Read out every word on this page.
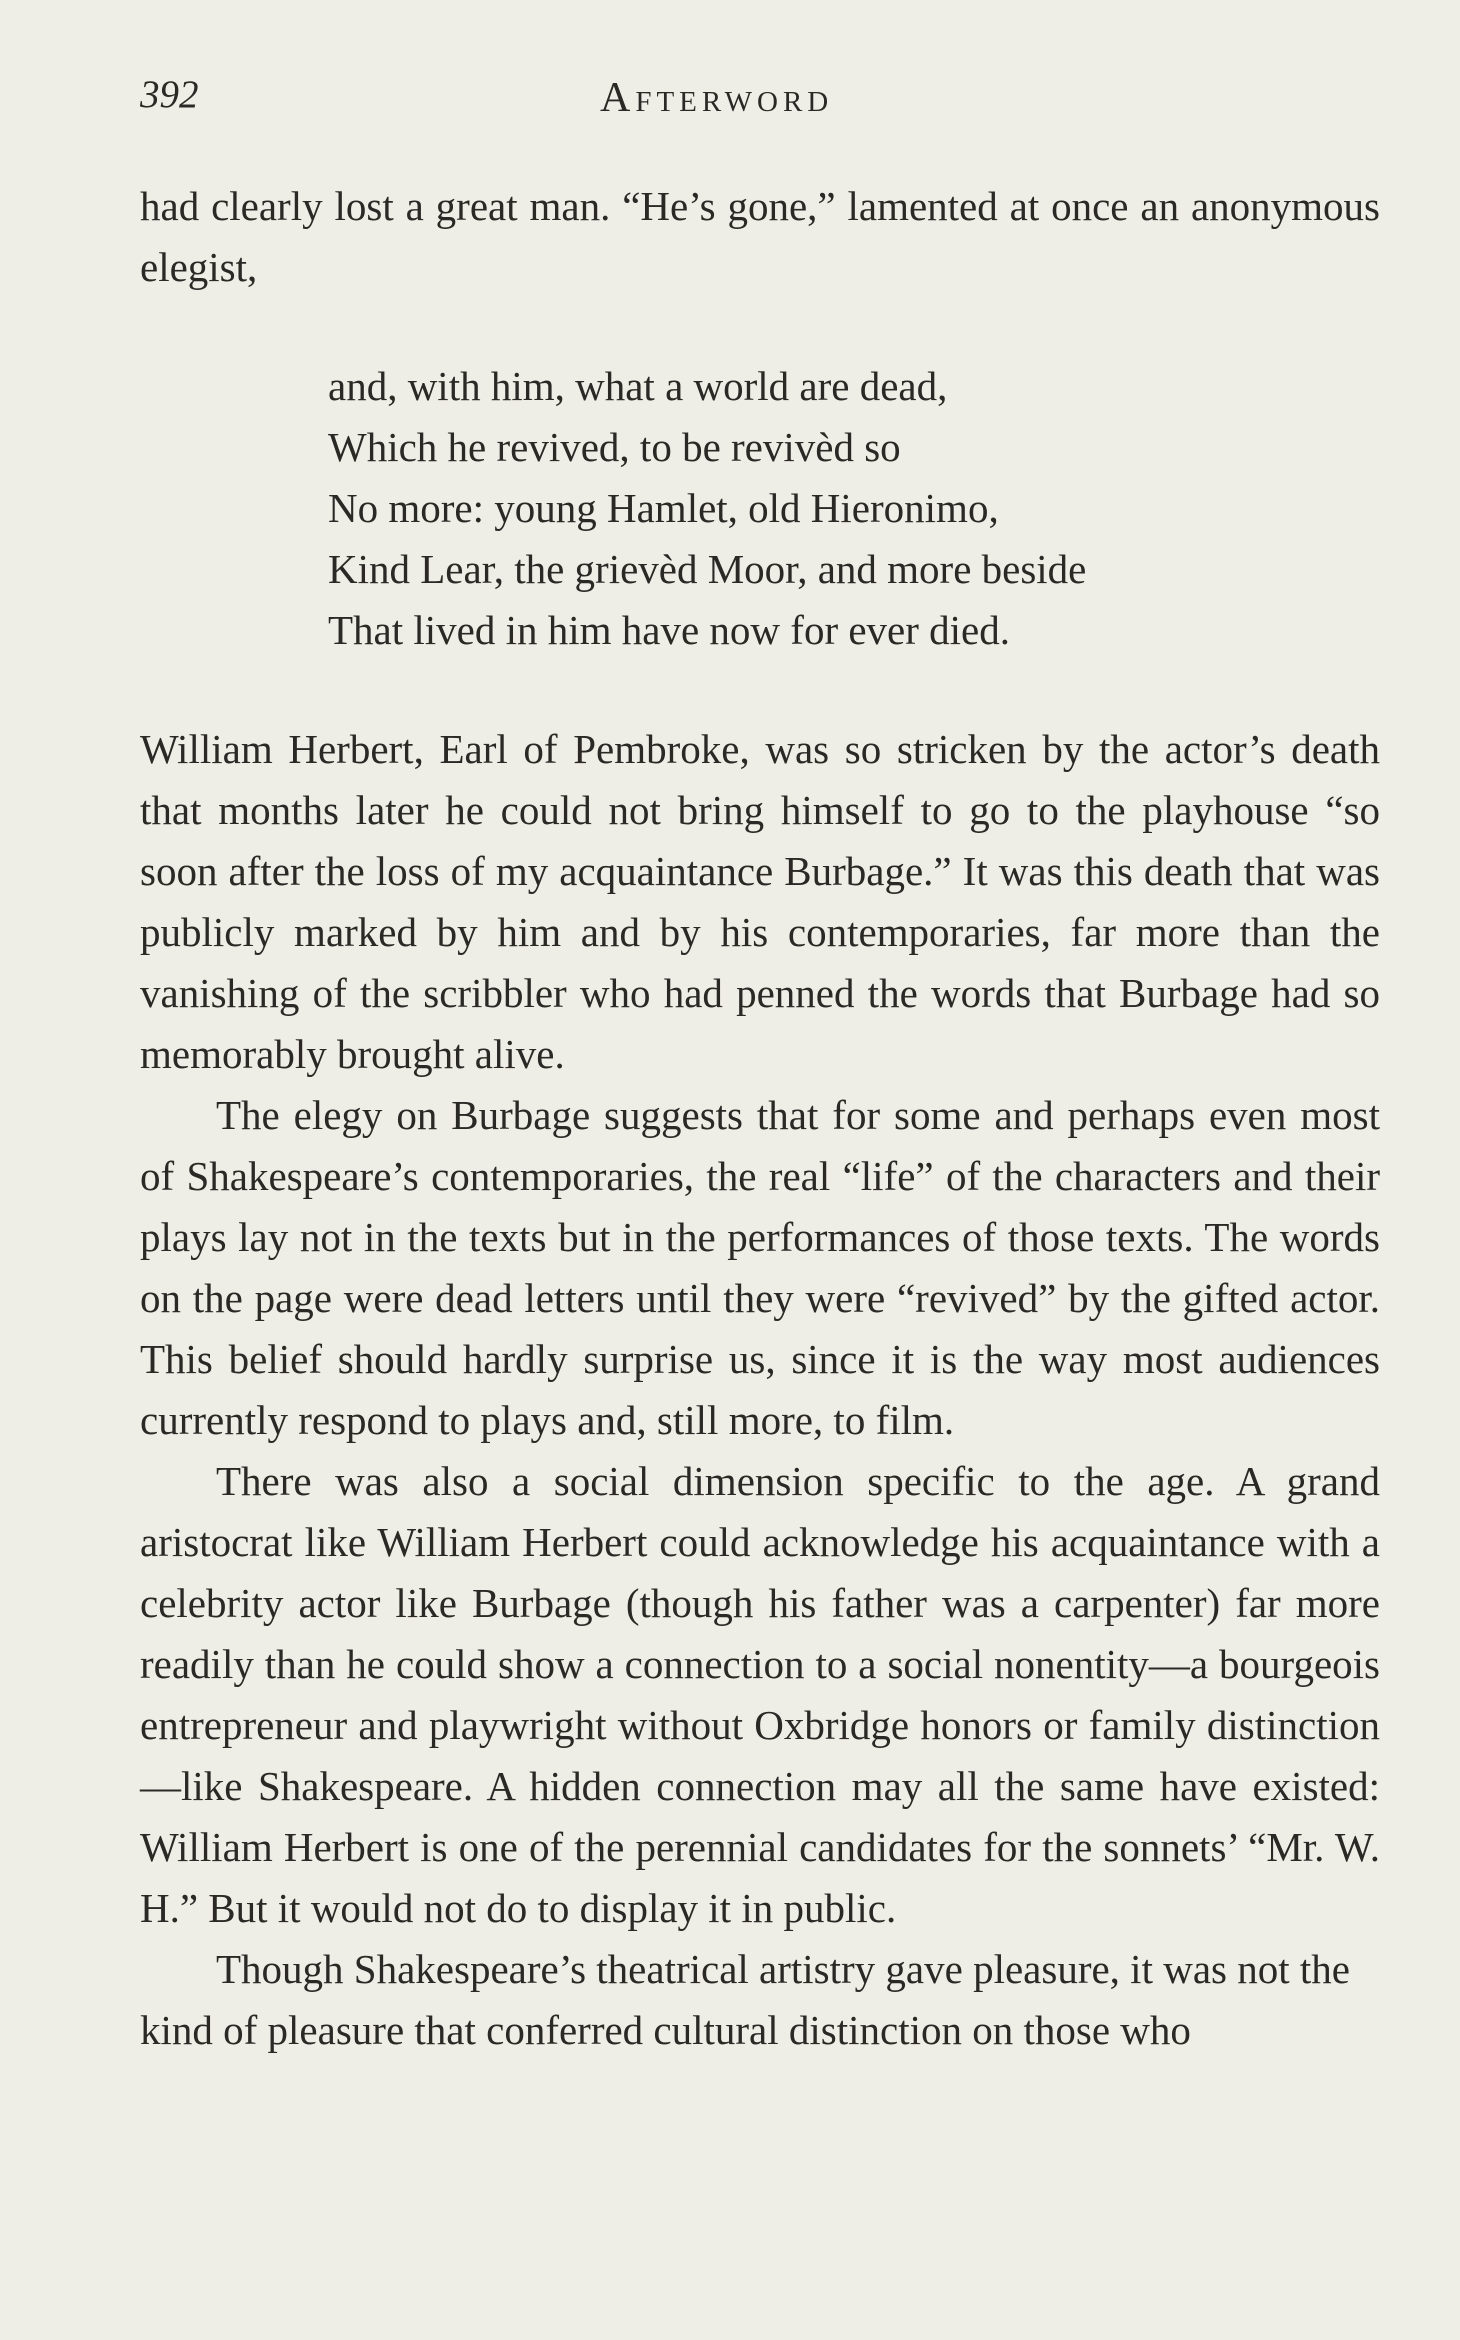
392	Afterword

had clearly lost a great man. “He’s gone,” lamented at once an anonymous elegist,

and, with him, what a world are dead,
Which he revived, to be revivèd so
No more: young Hamlet, old Hieronimo,
Kind Lear, the grievèd Moor, and more beside
That lived in him have now for ever died.

William Herbert, Earl of Pembroke, was so stricken by the actor’s death that months later he could not bring himself to go to the playhouse “so soon after the loss of my acquaintance Burbage.” It was this death that was publicly marked by him and by his contemporaries, far more than the vanishing of the scribbler who had penned the words that Burbage had so memorably brought alive.

The elegy on Burbage suggests that for some and perhaps even most of Shakespeare’s contemporaries, the real “life” of the characters and their plays lay not in the texts but in the performances of those texts. The words on the page were dead letters until they were “revived” by the gifted actor. This belief should hardly surprise us, since it is the way most audiences currently respond to plays and, still more, to film.

There was also a social dimension specific to the age. A grand aristocrat like William Herbert could acknowledge his acquaintance with a celebrity actor like Burbage (though his father was a carpenter) far more readily than he could show a connection to a social nonentity—a bourgeois entrepreneur and playwright without Oxbridge honors or family distinction—like Shakespeare. A hidden connection may all the same have existed: William Herbert is one of the perennial candidates for the sonnets’ “Mr. W. H.” But it would not do to display it in public.

Though Shakespeare’s theatrical artistry gave pleasure, it was not the kind of pleasure that conferred cultural distinction on those who
